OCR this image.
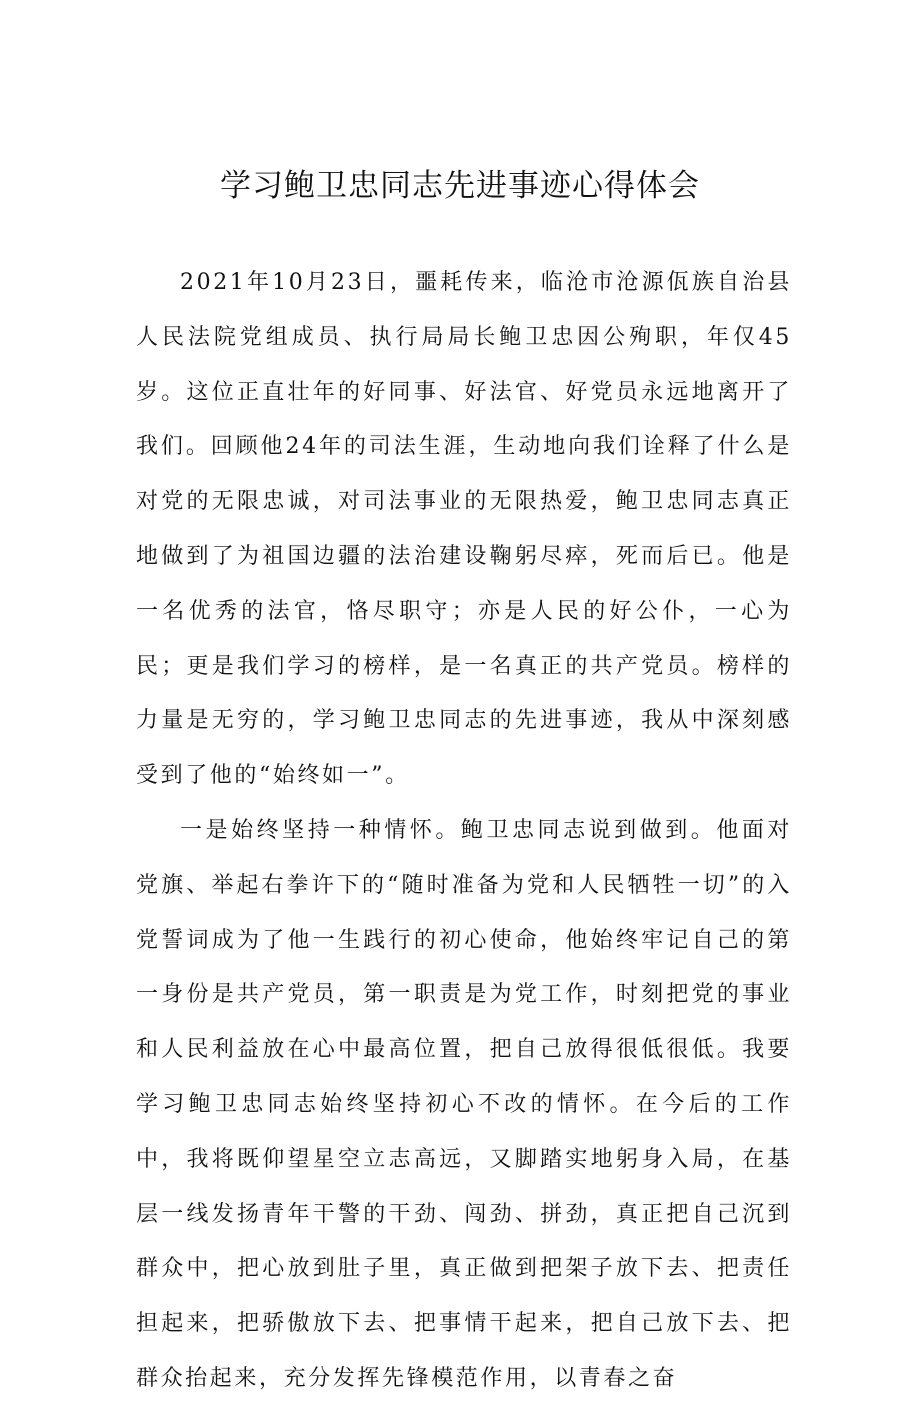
学习鲍卫忠同志先进事迹心得体会

2021年10月23日，噩耗传来，临沧市沧源佤族自治县人民法院党组成员、执行局局长鲍卫忠因公殉职，年仅45岁。这位正直壮年的好同事、好法官、好党员永远地离开了我们。回顾他24年的司法生涯，生动地向我们诠释了什么是对党的无限忠诚，对司法事业的无限热爱，鲍卫忠同志真正地做到了为祖国边疆的法治建设鞠躬尽瘁，死而后已。他是一名优秀的法官，恪尽职守；亦是人民的好公仆，一心为民；更是我们学习的榜样，是一名真正的共产党员。榜样的力量是无穷的，学习鲍卫忠同志的先进事迹，我从中深刻感受到了他的“始终如一”。

一是始终坚持一种情怀。鲍卫忠同志说到做到。他面对党旗、举起右拳许下的“随时准备为党和人民牺牲一切”的入党誓词成为了他一生践行的初心使命，他始终牢记自己的第一身份是共产党员，第一职责是为党工作，时刻把党的事业和人民利益放在心中最高位置，把自己放得很低很低。我要学习鲍卫忠同志始终坚持初心不改的情怀。在今后的工作中，我将既仰望星空立志高远，又脚踏实地躬身入局，在基层一线发扬青年干警的干劲、闯劲、拼劲，真正把自己沉到群众中，把心放到肚子里，真正做到把架子放下去、把责任担起来，把骄傲放下去、把事情干起来，把自己放下去、把群众抬起来，充分发挥先锋模范作用，以青春之奋
